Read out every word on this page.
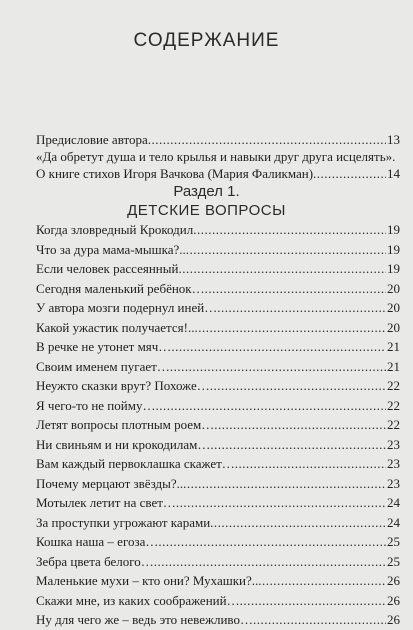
СОДЕРЖАНИЕ
Предисловие автора .....	13
«Да обретут душа и тело крылья и навыки друг друга исцелять».
О книге стихов Игоря Вачкова (Мария Фаликман) .....	14
Раздел 1.
ДЕТСКИЕ ВОПРОСЫ
Когда зловредный Крокодил .....	19
Что за дура мама-мышка?.. .....	19
Если человек рассеянный .....	19
Сегодня маленький ребёнок… .....	20
У автора мозги подернул иней… .....	20
Какой ужастик получается!.. .....	20
В речке не утонет мяч… .....	21
Своим именем пугает… .....	21
Неужто сказки врут? Похоже… .....	22
Я чего-то не пойму… .....	22
Летят вопросы плотным роем… .....	22
Ни свиньям и ни крокодилам… .....	23
Вам каждый первоклашка скажет… .....	23
Почему мерцают звёзды?.. .....	23
Мотылек летит на свет… .....	24
За проступки угрожают карами .....	24
Кошка наша – егоза… .....	25
Зебра цвета белого… .....	25
Маленькие мухи – кто они? Мухашки?.. .....	26
Скажи мне, из каких соображений… .....	26
Ну для чего же – ведь это невежливо… .....	26
